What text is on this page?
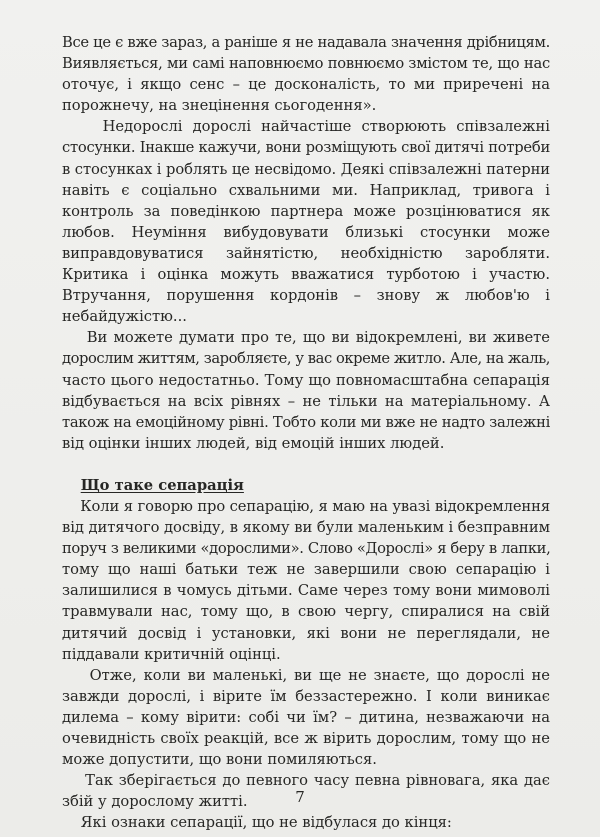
Все це є вже зараз, а раніше я не надавала значення дрібницям.
Виявляється, ми самі наповнюємо повнюємо змістом те, що нас
оточує, і якщо сенс – це досконалість, то ми приречені на
порожнечу, на знецінення сьогодення».

Недорослі дорослі найчастіше створюють співзалежні
стосунки. Інакше кажучи, вони розміщують свої дитячі потреби
в стосунках і роблять це несвідомо. Деякі співзалежні патерни
навіть є соціально схвальними ми. Наприклад, тривога і
контроль за поведінкою партнера може розцінюватися як
любов. Неуміння вибудовувати близькі стосунки може
виправдовуватися зайнятістю, необхідністю заробляти.
Критика і оцінка можуть вважатися турботою і участю.
Втручання, порушення кордонів – знову ж любов'ю і
небайдужістю...

Ви можете думати про те, що ви відокремлені, ви живете
дорослим життям, заробляєте, у вас окреме житло. Але, на жаль,
часто цього недостатньо. Тому що повномасштабна сепарація
відбувається на всіх рівнях – не тільки на матеріальному. А
також на емоційному рівні. Тобто коли ми вже не надто залежні
від оцінки інших людей, від емоцій інших людей.

Що таке сепарація

Коли я говорю про сепарацію, я маю на увазі відокремлення
від дитячого досвіду, в якому ви були маленьким і безправним
поруч з великими «дорослими». Слово «Дорослі» я беру в лапки,
тому що наші батьки теж не завершили свою сепарацію і
залишилися в чомусь дітьми. Саме через тому вони мимоволі
травмували нас, тому що, в свою чергу, спиралися на свій
дитячий досвід і установки, які вони не переглядали, не
піддавали критичній оцінці.

Отже, коли ви маленькі, ви ще не знаєте, що дорослі не
завжди дорослі, і вірите їм беззастережно. І коли виникає
дилема – кому вірити: собі чи їм? – дитина, незважаючи на
очевидність своїх реакцій, все ж вірить дорослим, тому що не
може допустити, що вони помиляються.

Так зберігається до певного часу певна рівновага, яка дає
збій у дорослому житті.

Які ознаки сепарації, що не відбулася до кінця:

7
